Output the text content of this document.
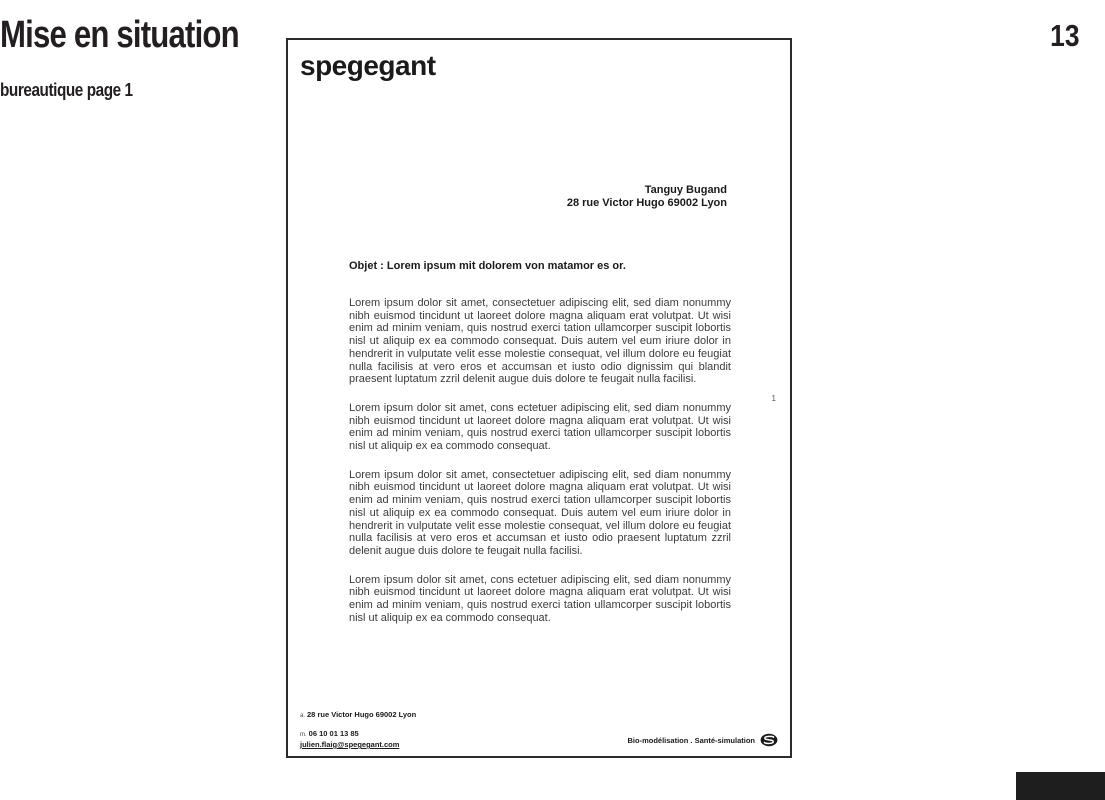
Mise en situation
bureautique page 1
13
spegegant
Tanguy Bugand
28 rue Victor Hugo 69002 Lyon
Objet : Lorem ipsum mit dolorem von matamor es or.

Lorem ipsum dolor sit amet, consectetuer adipiscing elit, sed diam nonummy nibh euismod tincidunt ut laoreet dolore magna aliquam erat volutpat. Ut wisi enim ad minim veniam, quis nostrud exerci tation ullamcorper suscipit lobortis nisl ut aliquip ex ea commodo consequat. Duis autem vel eum iriure dolor in hendrerit in vulputate velit esse molestie consequat, vel illum dolore eu feugiat nulla facilisis at vero eros et accumsan et iusto odio dignissim qui blandit praesent luptatum zzril delenit augue duis dolore te feugait nulla facilisi.

Lorem ipsum dolor sit amet, cons ectetuer adipiscing elit, sed diam nonummy nibh euismod tincidunt ut laoreet dolore magna aliquam erat volutpat. Ut wisi enim ad minim veniam, quis nostrud exerci tation ullamcorper suscipit lobortis nisl ut aliquip ex ea commodo consequat.

Lorem ipsum dolor sit amet, consectetuer adipiscing elit, sed diam nonummy nibh euismod tincidunt ut laoreet dolore magna aliquam erat volutpat. Ut wisi enim ad minim veniam, quis nostrud exerci tation ullamcorper suscipit lobortis nisl ut aliquip ex ea commodo consequat. Duis autem vel eum iriure dolor in hendrerit in vulputate velit esse molestie consequat, vel illum dolore eu feugiat nulla facilisis at vero eros et accumsan et iusto odio praesent luptatum zzril delenit augue duis dolore te feugait nulla facilisi.

Lorem ipsum dolor sit amet, cons ectetuer adipiscing elit, sed diam nonummy nibh euismod tincidunt ut laoreet dolore magna aliquam erat volutpat. Ut wisi enim ad minim veniam, quis nostrud exerci tation ullamcorper suscipit lobortis nisl ut aliquip ex ea commodo consequat.

1
a. 28 rue Victor Hugo 69002 Lyon
m. 06 10 01 13 85
julien.flaig@spegegant.com	Bio-modélisation . Santé-simulation
